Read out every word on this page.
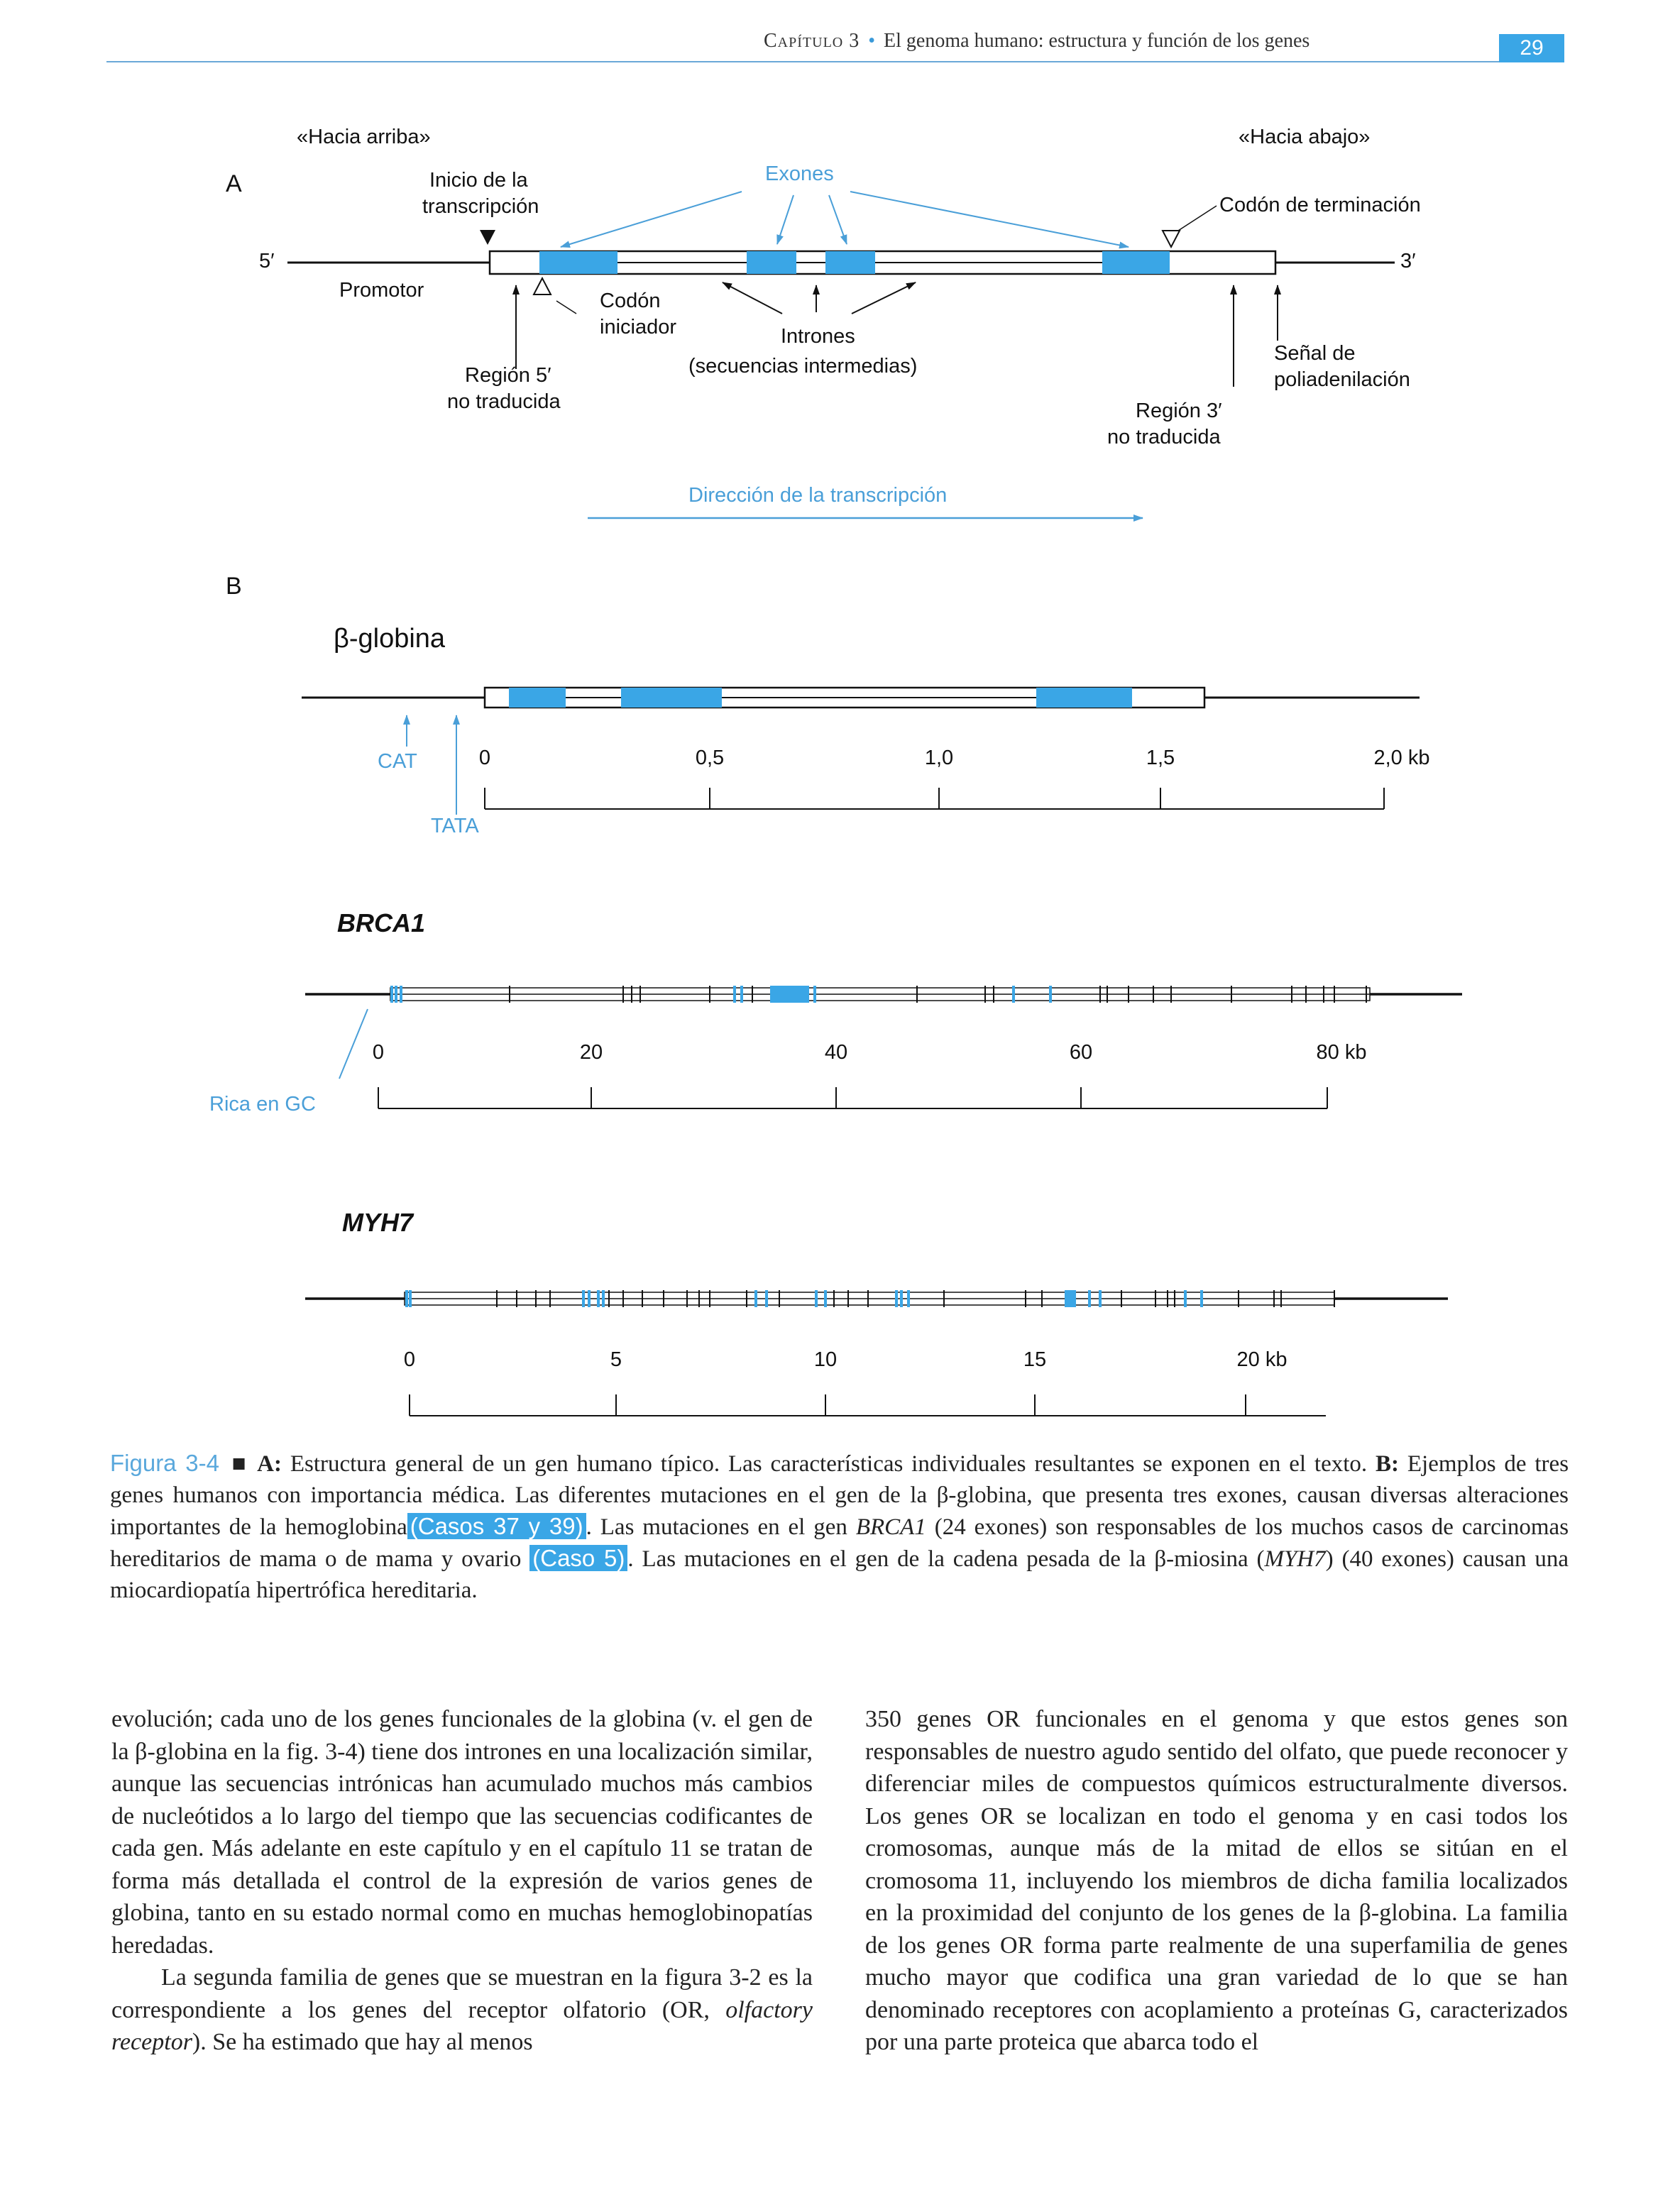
Capítulo 3 • El genoma humano: estructura y función de los genes	29
A
«Hacia arriba»	«Hacia abajo»
5′	3′
Promotor
Inicio de la
transcripción
Exones
Codón de terminación
Codón
iniciador	Intrones
(secuencias intermedias)
Región 5′
no traducida	Región 3′
no traducida
Señal de
poliadenilación
Dirección de la transcripción
B
β-globina
CAT
TATA
0	0,5	1,0	1,5	2,0 kb
BRCA1
Rica en GC
0	20	40	60	80 kb
MYH7
0	5	10	15	20 kb
Figura 3-4 ■ A: Estructura general de un gen humano típico. Las características individuales resultantes se exponen en el texto. B: Ejemplos de tres genes humanos con importancia médica. Las diferentes mutaciones en el gen de la β-globina, que presenta tres exones, causan diversas alteraciones importantes de la hemoglobina (Casos 37 y 39) . Las mutaciones en el gen BRCA1 (24 exones) son responsables de los muchos casos de carcinomas hereditarios de mama o de mama y ovario (Caso 5) . Las mutaciones en el gen de la cadena pesada de la β-miosina (MYH7) (40 exones) causan una miocardiopatía hipertrófica hereditaria.

evolución; cada uno de los genes funcionales de la globina (v. el gen de la β-globina en la fig. 3-4) tiene dos intrones en una localización similar, aunque las secuencias intrónicas han acumulado muchos más cambios de nucleótidos a lo largo del tiempo que las secuencias codificantes de cada gen. Más adelante en este capítulo y en el capítulo 11 se tratan de forma más detallada el control de la expresión de varios genes de globina, tanto en su estado normal como en muchas hemoglobinopatías heredadas.

La segunda familia de genes que se muestran en la figura 3-2 es la correspondiente a los genes del receptor olfatorio (OR, olfactory receptor). Se ha estimado que hay al menos

350 genes OR funcionales en el genoma y que estos genes son responsables de nuestro agudo sentido del olfato, que puede reconocer y diferenciar miles de compuestos químicos estructuralmente diversos. Los genes OR se localizan en todo el genoma y en casi todos los cromosomas, aunque más de la mitad de ellos se sitúan en el cromosoma 11, incluyendo los miembros de dicha familia localizados en la proximidad del conjunto de los genes de la β-globina. La familia de los genes OR forma parte realmente de una superfamilia de genes mucho mayor que codifica una gran variedad de lo que se han denominado receptores con acoplamiento a proteínas G, caracterizados por una parte proteica que abarca todo el
